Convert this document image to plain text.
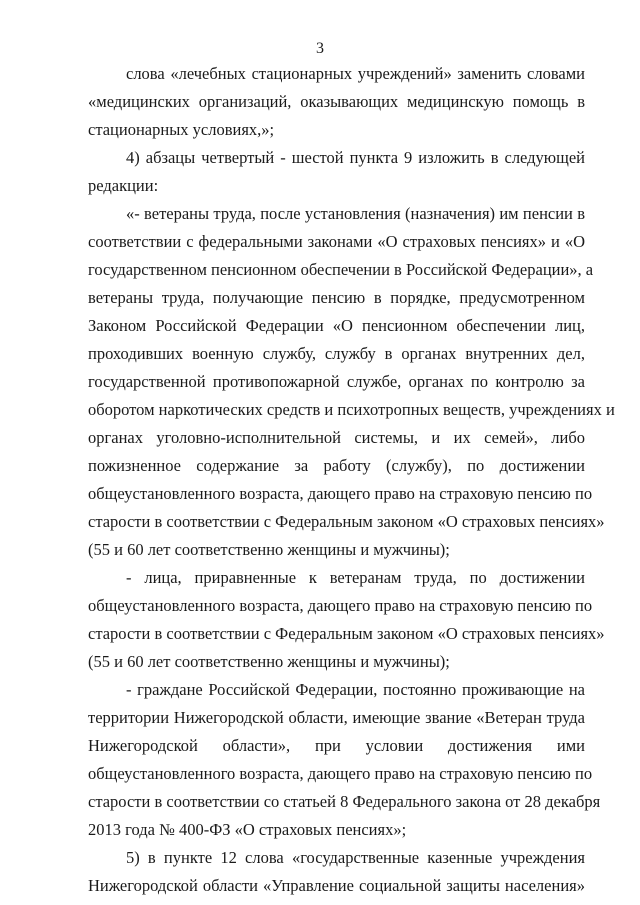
3
слова «лечебных стационарных учреждений» заменить словами
«медицинских организаций, оказывающих медицинскую помощь в
стационарных условиях,»;
4) абзацы четвертый - шестой пункта 9 изложить в следующей
редакции:
«- ветераны труда, после установления (назначения) им пенсии в
соответствии с федеральными законами «О страховых пенсиях» и «О
государственном пенсионном обеспечении в Российской Федерации», а
ветераны труда, получающие пенсию в порядке, предусмотренном
Законом Российской Федерации «О пенсионном обеспечении лиц,
проходивших военную службу, службу в органах внутренних дел,
государственной противопожарной службе, органах по контролю за
оборотом наркотических средств и психотропных веществ, учреждениях и
органах уголовно-исполнительной системы, и их семей», либо
пожизненное содержание за работу (службу), по достижении
общеустановленного возраста, дающего право на страховую пенсию по
старости в соответствии с Федеральным законом «О страховых пенсиях»
(55 и 60 лет соответственно женщины и мужчины);
- лица, приравненные к ветеранам труда, по достижении
общеустановленного возраста, дающего право на страховую пенсию по
старости в соответствии с Федеральным законом «О страховых пенсиях»
(55 и 60 лет соответственно женщины и мужчины);
- граждане Российской Федерации, постоянно проживающие на
территории Нижегородской области, имеющие звание «Ветеран труда
Нижегородской области», при условии достижения ими
общеустановленного возраста, дающего право на страховую пенсию по
старости в соответствии со статьей 8 Федерального закона от 28 декабря
2013 года № 400-ФЗ «О страховых пенсиях»;
5) в пункте 12 слова «государственные казенные учреждения
Нижегородской области «Управление социальной защиты населения»
